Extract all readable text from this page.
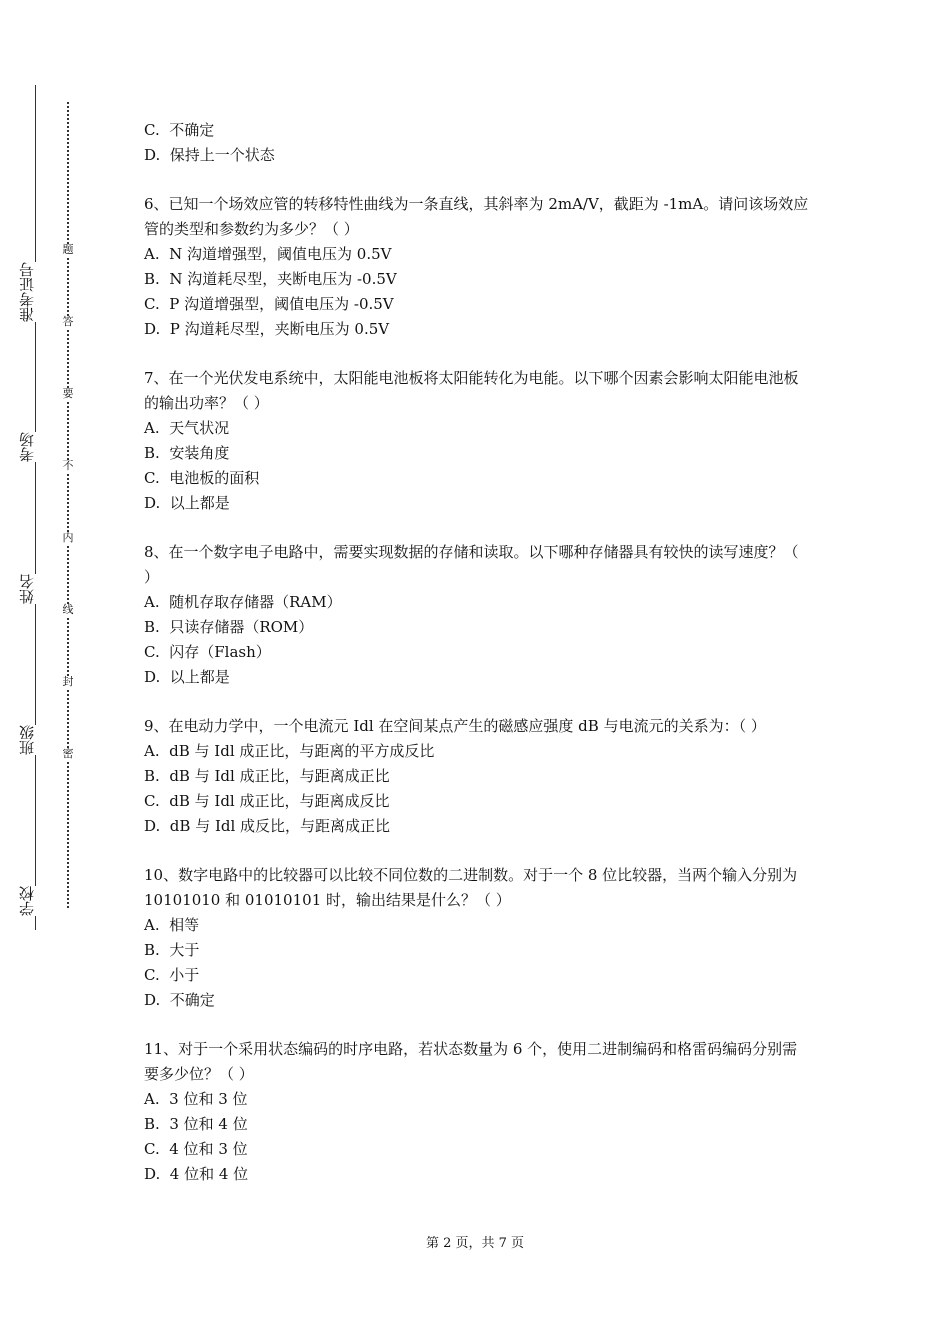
准考证号
考场
姓名
班级
学校
题
答
要
不
内
线
封
密
C.  不确定
D.  保持上一个状态
6、已知一个场效应管的转移特性曲线为一条直线，其斜率为 2mA/V，截距为 -1mA。请问该场效应管的类型和参数约为多少？（ ）
A.  N 沟道增强型，阈值电压为 0.5V
B.  N 沟道耗尽型，夹断电压为 -0.5V
C.  P 沟道增强型，阈值电压为 -0.5V
D.  P 沟道耗尽型，夹断电压为 0.5V
7、在一个光伏发电系统中，太阳能电池板将太阳能转化为电能。以下哪个因素会影响太阳能电池板的输出功率？（ ）
A.  天气状况
B.  安装角度
C.  电池板的面积
D.  以上都是
8、在一个数字电子电路中，需要实现数据的存储和读取。以下哪种存储器具有较快的读写速度？（ ）
A.  随机存取存储器（RAM）
B.  只读存储器（ROM）
C.  闪存（Flash）
D.  以上都是
9、在电动力学中，一个电流元 Idl 在空间某点产生的磁感应强度 dB 与电流元的关系为：（ ）
A.  dB 与 Idl 成正比，与距离的平方成反比
B.  dB 与 Idl 成正比，与距离成正比
C.  dB 与 Idl 成正比，与距离成反比
D.  dB 与 Idl 成反比，与距离成正比
10、数字电路中的比较器可以比较不同位数的二进制数。对于一个 8 位比较器，当两个输入分别为 10101010 和 01010101 时，输出结果是什么？（ ）
A.  相等
B.  大于
C.  小于
D.  不确定
11、对于一个采用状态编码的时序电路，若状态数量为 6 个，使用二进制编码和格雷码编码分别需要多少位？（ ）
A.  3 位和 3 位
B.  3 位和 4 位
C.  4 位和 3 位
D.  4 位和 4 位
第 2 页，共 7 页
